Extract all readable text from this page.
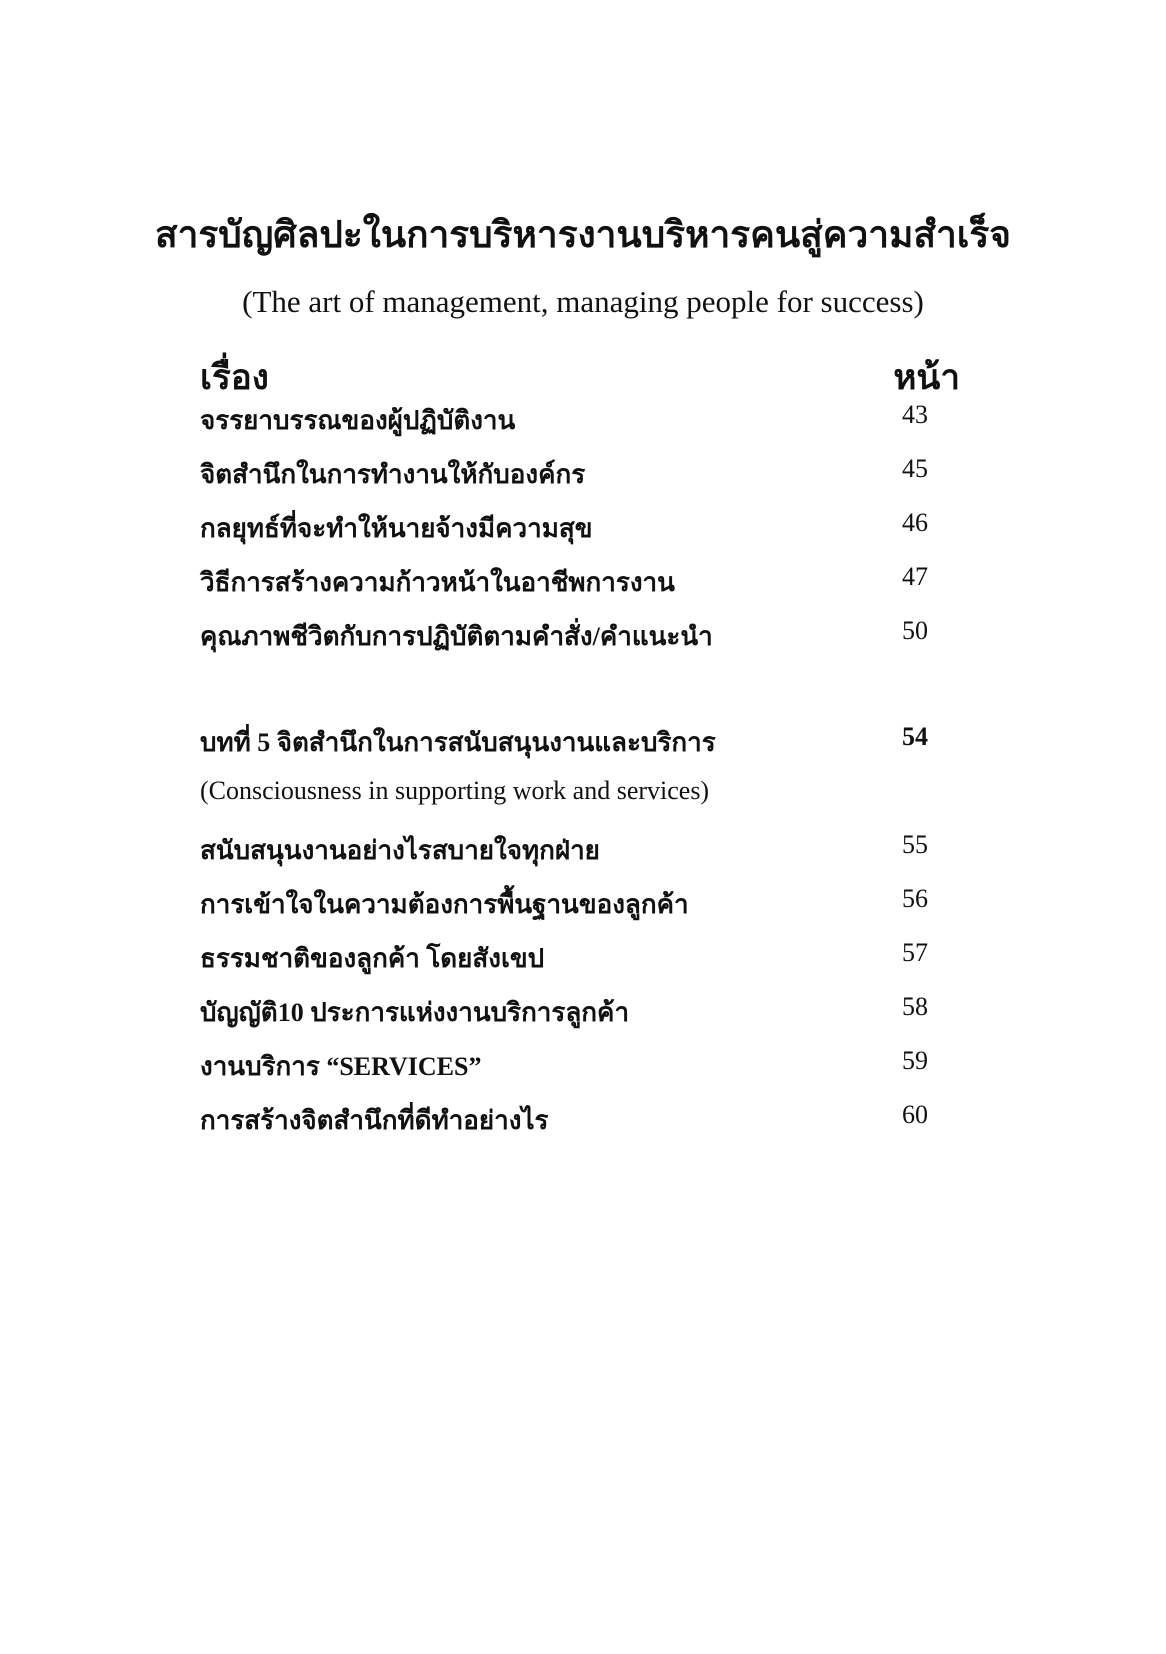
สารบัญศิลปะในการบริหารงานบริหารคนสู่ความสำเร็จ
(The art of management, managing people for success)
เรื่อง	หน้า
จรรยาบรรณของผู้ปฏิบัติงาน	43
จิตสำนึกในการทำงานให้กับองค์กร	45
กลยุทธ์ที่จะทำให้นายจ้างมีความสุข	46
วิธีการสร้างความก้าวหน้าในอาชีพการงาน	47
คุณภาพชีวิตกับการปฏิบัติตามคำสั่ง/คำแนะนำ	50
บทที่ 5 จิตสำนึกในการสนับสนุนงานและบริการ	54
(Consciousness in supporting work and services)
สนับสนุนงานอย่างไรสบายใจทุกฝ่าย	55
การเข้าใจในความต้องการพื้นฐานของลูกค้า	56
ธรรมชาติของลูกค้า โดยสังเขป	57
บัญญัติ10 ประการแห่งงานบริการลูกค้า	58
งานบริการ “SERVICES”	59
การสร้างจิตสำนึกที่ดีทำอย่างไร	60
